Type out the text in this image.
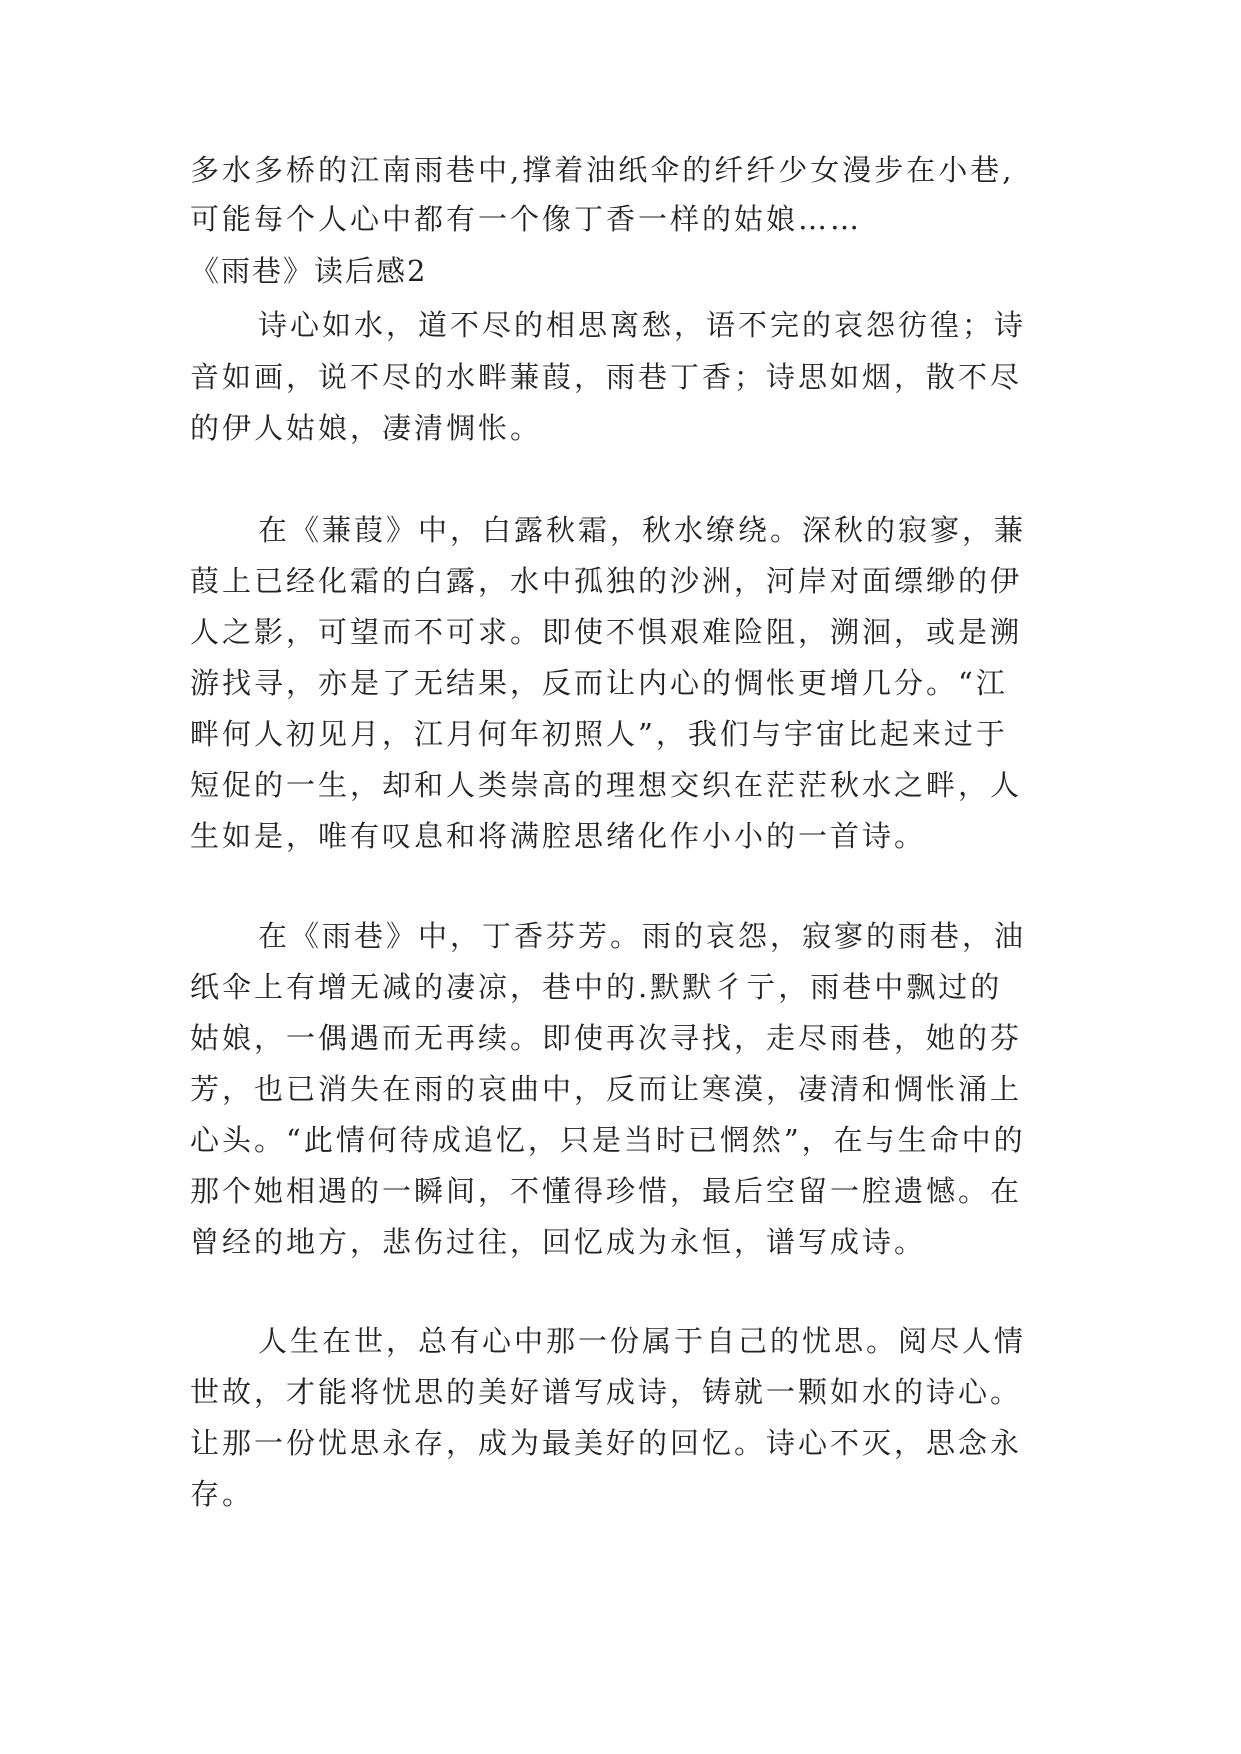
多水多桥的江南雨巷中,撑着油纸伞的纤纤少女漫步在小巷,

可能每个人心中都有一个像丁香一样的姑娘……

《雨巷》读后感2

诗心如水，道不尽的相思离愁，语不完的哀怨彷徨；诗

音如画，说不尽的水畔蒹葭，雨巷丁香；诗思如烟，散不尽

的伊人姑娘，凄清惆怅。

在《蒹葭》中，白露秋霜，秋水缭绕。深秋的寂寥，蒹

葭上已经化霜的白露，水中孤独的沙洲，河岸对面缥缈的伊

人之影，可望而不可求。即使不惧艰难险阻，溯洄，或是溯

游找寻，亦是了无结果，反而让内心的惆怅更增几分。“江

畔何人初见月，江月何年初照人”，我们与宇宙比起来过于

短促的一生，却和人类崇高的理想交织在茫茫秋水之畔，人

生如是，唯有叹息和将满腔思绪化作小小的一首诗。

在《雨巷》中，丁香芬芳。雨的哀怨，寂寥的雨巷，油

纸伞上有增无减的凄凉，巷中的.默默彳亍，雨巷中飘过的

姑娘，一偶遇而无再续。即使再次寻找，走尽雨巷，她的芬

芳，也已消失在雨的哀曲中，反而让寒漠，凄清和惆怅涌上

心头。“此情何待成追忆，只是当时已惘然”，在与生命中的

那个她相遇的一瞬间，不懂得珍惜，最后空留一腔遗憾。在

曾经的地方，悲伤过往，回忆成为永恒，谱写成诗。

人生在世，总有心中那一份属于自己的忧思。阅尽人情

世故，才能将忧思的美好谱写成诗，铸就一颗如水的诗心。

让那一份忧思永存，成为最美好的回忆。诗心不灭，思念永

存。
